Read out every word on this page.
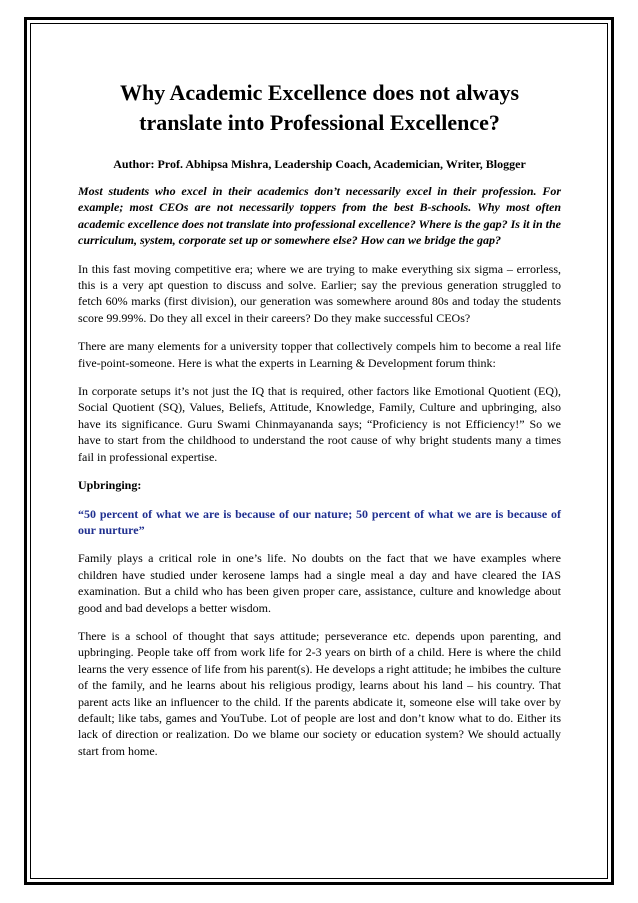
Why Academic Excellence does not always translate into Professional Excellence?

Author: Prof. Abhipsa Mishra, Leadership Coach, Academician, Writer, Blogger

Most students who excel in their academics don’t necessarily excel in their profession. For example; most CEOs are not necessarily toppers from the best B-schools. Why most often academic excellence does not translate into professional excellence? Where is the gap? Is it in the curriculum, system, corporate set up or somewhere else? How can we bridge the gap?

In this fast moving competitive era; where we are trying to make everything six sigma – errorless, this is a very apt question to discuss and solve. Earlier; say the previous generation struggled to fetch 60% marks (first division), our generation was somewhere around 80s and today the students score 99.99%. Do they all excel in their careers? Do they make successful CEOs?

There are many elements for a university topper that collectively compels him to become a real life five-point-someone. Here is what the experts in Learning & Development forum think:

In corporate setups it’s not just the IQ that is required, other factors like Emotional Quotient (EQ), Social Quotient (SQ), Values, Beliefs, Attitude, Knowledge, Family, Culture and upbringing, also have its significance. Guru Swami Chinmayananda says; “Proficiency is not Efficiency!” So we have to start from the childhood to understand the root cause of why bright students many a times fail in professional expertise.

Upbringing:

“50 percent of what we are is because of our nature; 50 percent of what we are is because of our nurture”

Family plays a critical role in one’s life. No doubts on the fact that we have examples where children have studied under kerosene lamps had a single meal a day and have cleared the IAS examination. But a child who has been given proper care, assistance, culture and knowledge about good and bad develops a better wisdom.

There is a school of thought that says attitude; perseverance etc. depends upon parenting, and upbringing. People take off from work life for 2-3 years on birth of a child. Here is where the child learns the very essence of life from his parent(s). He develops a right attitude; he imbibes the culture of the family, and he learns about his religious prodigy, learns about his land – his country. That parent acts like an influencer to the child. If the parents abdicate it, someone else will take over by default; like tabs, games and YouTube. Lot of people are lost and don’t know what to do. Either its lack of direction or realization. Do we blame our society or education system? We should actually start from home.
